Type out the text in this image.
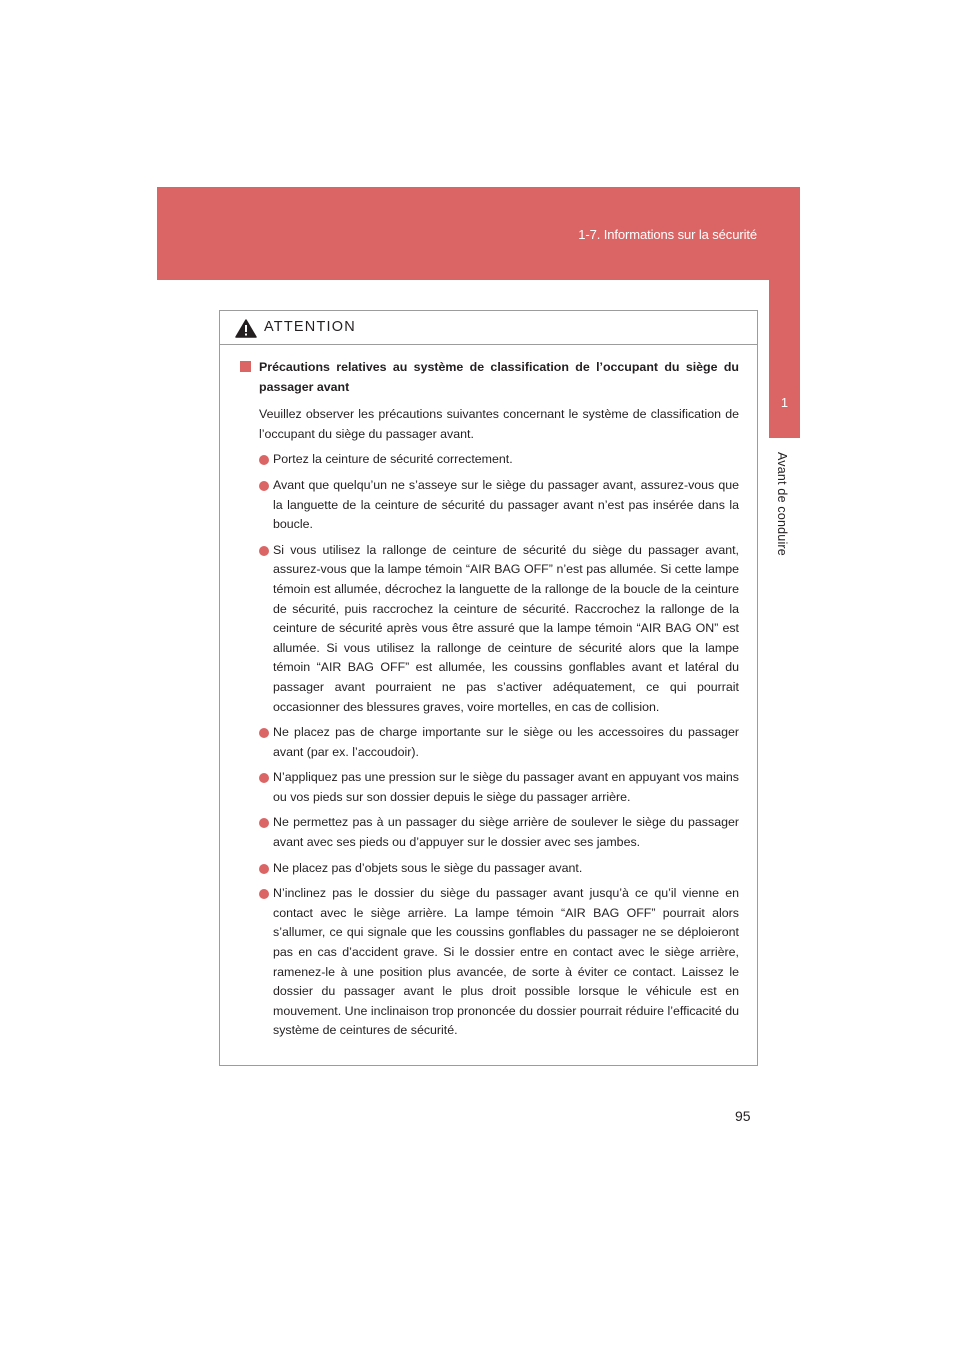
1-7. Informations sur la sécurité
1
Avant de conduire
ATTENTION
Précautions relatives au système de classification de l’occupant du siège du passager avant

Veuillez observer les précautions suivantes concernant le système de classification de l’occupant du siège du passager avant.

Portez la ceinture de sécurité correctement.
Avant que quelqu’un ne s’asseye sur le siège du passager avant, assurez-vous que la languette de la ceinture de sécurité du passager avant n’est pas insérée dans la boucle.
Si vous utilisez la rallonge de ceinture de sécurité du siège du passager avant, assurez-vous que la lampe témoin “AIR BAG OFF” n’est pas allumée. Si cette lampe témoin est allumée, décrochez la languette de la rallonge de la boucle de la ceinture de sécurité, puis raccrochez la ceinture de sécurité. Raccrochez la rallonge de la ceinture de sécurité après vous être assuré que la lampe témoin “AIR BAG ON” est allumée. Si vous utilisez la rallonge de ceinture de sécurité alors que la lampe témoin “AIR BAG OFF” est allumée, les coussins gonflables avant et latéral du passager avant pourraient ne pas s’activer adéquatement, ce qui pourrait occasionner des blessures graves, voire mortelles, en cas de collision.
Ne placez pas de charge importante sur le siège ou les accessoires du passager avant (par ex. l’accoudoir).
N’appliquez pas une pression sur le siège du passager avant en appuyant vos mains ou vos pieds sur son dossier depuis le siège du passager arrière.
Ne permettez pas à un passager du siège arrière de soulever le siège du passager avant avec ses pieds ou d’appuyer sur le dossier avec ses jambes.
Ne placez pas d’objets sous le siège du passager avant.
N’inclinez pas le dossier du siège du passager avant jusqu’à ce qu’il vienne en contact avec le siège arrière. La lampe témoin “AIR BAG OFF” pourrait alors s’allumer, ce qui signale que les coussins gonflables du passager ne se déploieront pas en cas d’accident grave. Si le dossier entre en contact avec le siège arrière, ramenez-le à une position plus avancée, de sorte à éviter ce contact. Laissez le dossier du passager avant le plus droit possible lorsque le véhicule est en mouvement. Une inclinaison trop prononcée du dossier pourrait réduire l’efficacité du système de ceintures de sécurité.
95
